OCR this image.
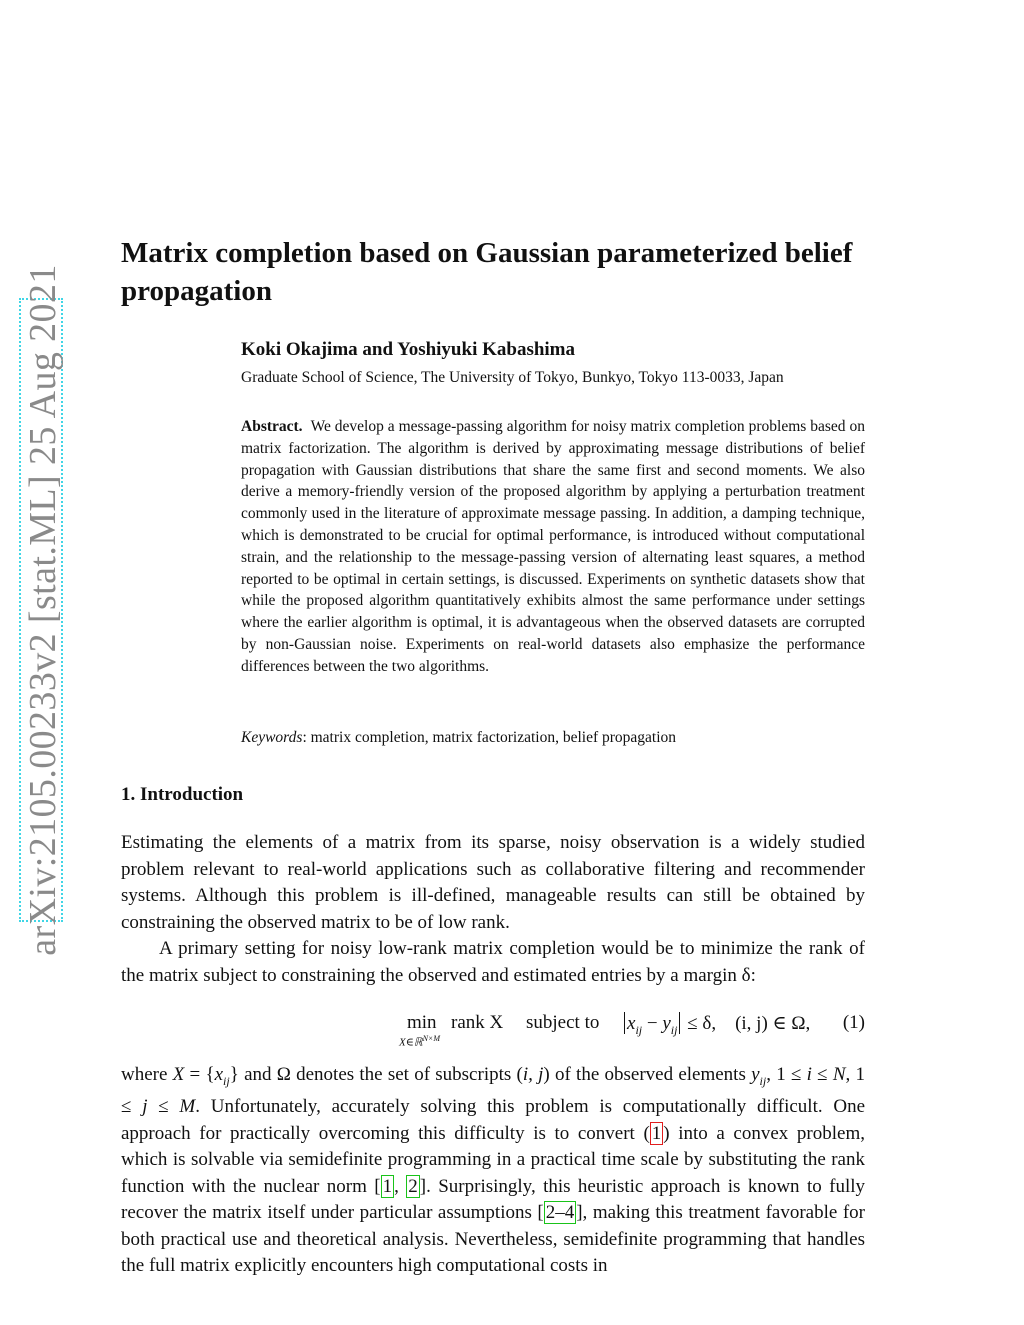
arXiv:2105.00233v2 [stat.ML] 25 Aug 2021
Matrix completion based on Gaussian parameterized belief propagation

Koki Okajima and Yoshiyuki Kabashima

Graduate School of Science, The University of Tokyo, Bunkyo, Tokyo 113-0033, Japan

Abstract. We develop a message-passing algorithm for noisy matrix completion problems based on matrix factorization. The algorithm is derived by approximating message distributions of belief propagation with Gaussian distributions that share the same first and second moments. We also derive a memory-friendly version of the proposed algorithm by applying a perturbation treatment commonly used in the literature of approximate message passing. In addition, a damping technique, which is demonstrated to be crucial for optimal performance, is introduced without computational strain, and the relationship to the message-passing version of alternating least squares, a method reported to be optimal in certain settings, is discussed. Experiments on synthetic datasets show that while the proposed algorithm quantitatively exhibits almost the same performance under settings where the earlier algorithm is optimal, it is advantageous when the observed datasets are corrupted by non-Gaussian noise. Experiments on real-world datasets also emphasize the performance differences between the two algorithms.

Keywords: matrix completion, matrix factorization, belief propagation

1. Introduction

Estimating the elements of a matrix from its sparse, noisy observation is a widely studied problem relevant to real-world applications such as collaborative filtering and recommender systems. Although this problem is ill-defined, manageable results can still be obtained by constraining the observed matrix to be of low rank.

A primary setting for noisy low-rank matrix completion would be to minimize the rank of the matrix subject to constraining the observed and estimated entries by a margin δ:

min
X∈ℝ$^{N\times M}$
rank X subject to $x_{ij} - y_{ij} \le \delta$, (i, j) ∈ Ω, (1)

where $X = \{x_{ij}\}$ and Ω denotes the set of subscripts (i, j) of the observed elements $y_{ij}$, 1 ≤ i ≤ N, 1 ≤ j ≤ M. Unfortunately, accurately solving this problem is computationally difficult. One approach for practically overcoming this difficulty is to convert ( 1 ) into a convex problem, which is solvable via semidefinite programming in a practical time scale by substituting the rank function with the nuclear norm [ 1 , 2 ]. Surprisingly, this heuristic approach is known to fully recover the matrix itself under particular assumptions [ 2–4 ], making this treatment favorable for both practical use and theoretical analysis. Nevertheless, semidefinite programming that handles the full matrix explicitly encounters high computational costs in
